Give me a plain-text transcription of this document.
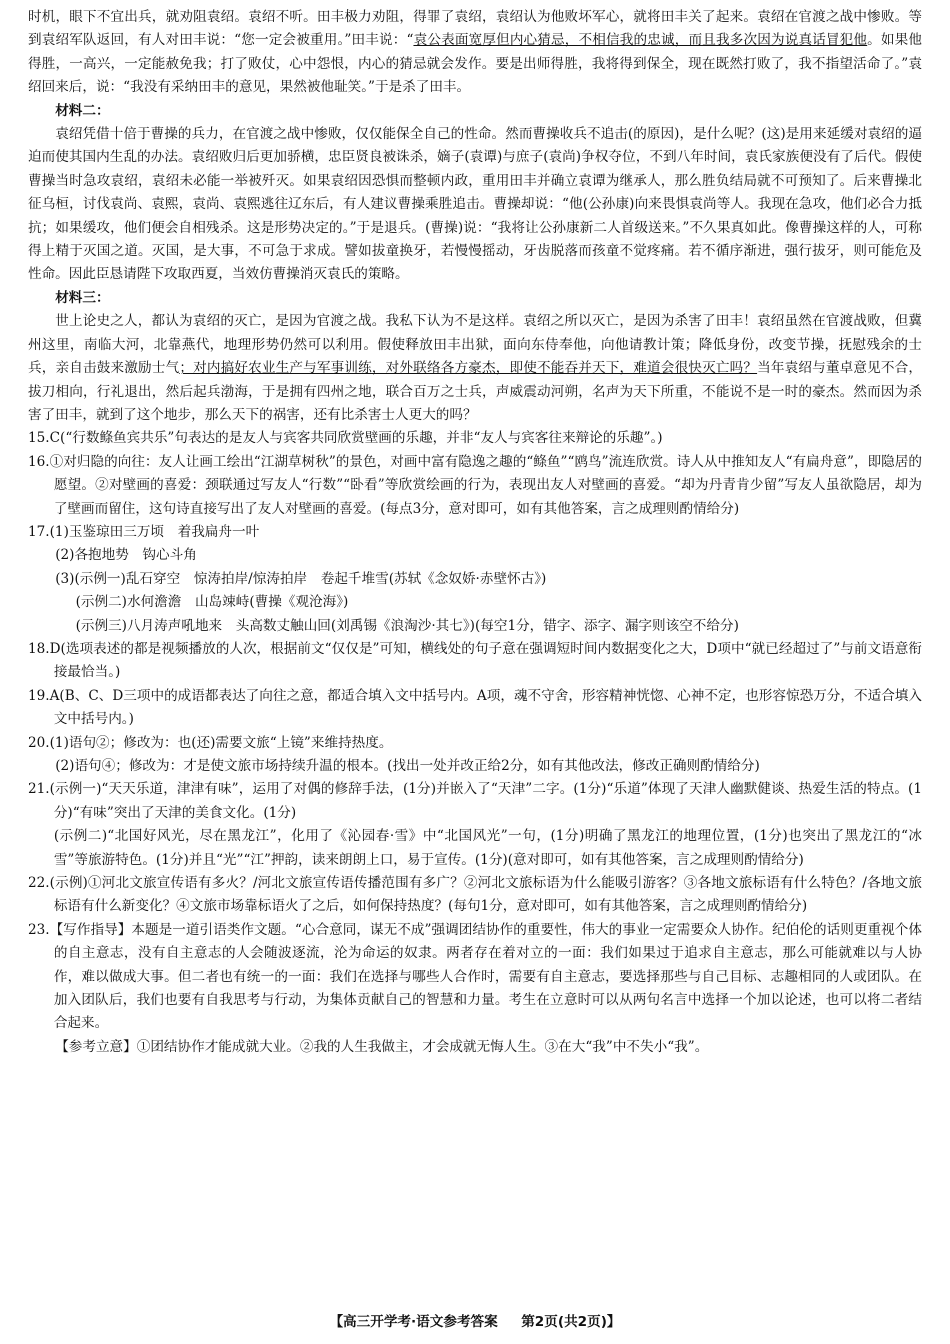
时机，眼下不宜出兵，就劝阻袁绍。袁绍不听。田丰极力劝阻，得罪了袁绍，袁绍认为他败坏军心，就将田丰关了起来。袁绍在官渡之战中惨败。等到袁绍军队返回，有人对田丰说：“您一定会被重用。”田丰说：“袁公表面宽厚但内心猜忌，不相信我的忠诚，而且我多次因为说真话冒犯他。如果他得胜，一高兴，一定能赦免我；打了败仗，心中怨恨，内心的猜忌就会发作。要是出师得胜，我将得到保全，现在既然打败了，我不指望活命了。”袁绍回来后，说：“我没有采纳田丰的意见，果然被他耻笑。”于是杀了田丰。

材料二：

袁绍凭借十倍于曹操的兵力，在官渡之战中惨败，仅仅能保全自己的性命。然而曹操收兵不追击(的原因)，是什么呢？(这)是用来延缓对袁绍的逼迫而使其国内生乱的办法。袁绍败归后更加骄横，忠臣贤良被诛杀，嫡子(袁谭)与庶子(袁尚)争权夺位，不到八年时间，袁氏家族便没有了后代。假使曹操当时急攻袁绍，袁绍未必能一举被歼灭。如果袁绍因恐惧而整顿内政，重用田丰并确立袁谭为继承人，那么胜负结局就不可预知了。后来曹操北征乌桓，讨伐袁尚、袁熙，袁尚、袁熙逃往辽东后，有人建议曹操乘胜追击。曹操却说：“他(公孙康)向来畏惧袁尚等人。我现在急攻，他们必合力抵抗；如果缓攻，他们便会自相残杀。这是形势决定的。”于是退兵。(曹操)说：“我将让公孙康新二人首级送来。”不久果真如此。像曹操这样的人，可称得上精于灭国之道。灭国，是大事，不可急于求成。譬如拔童换牙，若慢慢摇动，牙齿脱落而孩童不觉疼痛。若不循序渐进，强行拔牙，则可能危及性命。因此臣恳请陛下攻取西夏，当效仿曹操消灭袁氏的策略。

材料三：

世上论史之人，都认为袁绍的灭亡，是因为官渡之战。我私下认为不是这样。袁绍之所以灭亡，是因为杀害了田丰！袁绍虽然在官渡战败，但冀州这里，南临大河，北靠燕代，地理形势仍然可以利用。假使释放田丰出狱，面向东侍奉他，向他请教计策；降低身份，改变节操，抚慰残余的士兵，亲自击鼓来激励士气；对内搞好农业生产与军事训练，对外联络各方豪杰，即使不能吞并天下，难道会很快灭亡吗？当年袁绍与董卓意见不合，拔刀相向，行礼退出，然后起兵渤海，于是拥有四州之地，联合百万之士兵，声威震动河朔，名声为天下所重，不能说不是一时的豪杰。然而因为杀害了田丰，就到了这个地步，那么天下的祸害，还有比杀害士人更大的吗？

15.C(“行数鲦鱼宾共乐”句表达的是友人与宾客共同欣赏壁画的乐趣，并非“友人与宾客往来辩论的乐趣”。)

16.①对归隐的向往：友人让画工绘出“江湖草树秋”的景色，对画中富有隐逸之趣的“鲦鱼”“鸥鸟”流连欣赏。诗人从中推知友人“有扁舟意”，即隐居的愿望。②对壁画的喜爱：颈联通过写友人“行数”“卧看”等欣赏绘画的行为，表现出友人对壁画的喜爱。“却为丹青肯少留”写友人虽欲隐居，却为了壁画而留住，这句诗直接写出了友人对壁画的喜爱。(每点3分，意对即可，如有其他答案，言之成理则酌情给分)

17.(1)玉鉴琼田三万顷　着我扁舟一叶

(2)各抱地势　钩心斗角

(3)(示例一)乱石穿空　惊涛拍岸/惊涛拍岸　卷起千堆雪(苏轼《念奴娇·赤壁怀古》)

(示例二)水何澹澹　山岛竦峙(曹操《观沧海》)

(示例三)八月涛声吼地来　头高数丈触山回(刘禹锡《浪淘沙·其七》)(每空1分，错字、添字、漏字则该空不给分)

18.D(选项表述的都是视频播放的人次，根据前文“仅仅是”可知，横线处的句子意在强调短时间内数据变化之大，D项中“就已经超过了”与前文语意衔接最恰当。)

19.A(B、C、D三项中的成语都表达了向往之意，都适合填入文中括号内。A项，魂不守舍，形容精神恍惚、心神不定，也形容惊恐万分，不适合填入文中括号内。)

20.(1)语句②；修改为：也(还)需要文旅“上镜”来维持热度。

(2)语句④；修改为：才是使文旅市场持续升温的根本。(找出一处并改正给2分，如有其他改法，修改正确则酌情给分)

21.(示例一)“天天乐道，津津有味”，运用了对偶的修辞手法，(1分)并嵌入了“天津”二字。(1分)“乐道”体现了天津人幽默健谈、热爱生活的特点。(1分)“有味”突出了天津的美食文化。(1分)

(示例二)“北国好风光，尽在黑龙江”，化用了《沁园春·雪》中“北国风光”一句，(1分)明确了黑龙江的地理位置，(1分)也突出了黑龙江的“冰雪”等旅游特色。(1分)并且“光”“江”押韵，读来朗朗上口，易于宣传。(1分)(意对即可，如有其他答案，言之成理则酌情给分)

22.(示例)①河北文旅宣传语有多火？/河北文旅宣传语传播范围有多广？②河北文旅标语为什么能吸引游客？③各地文旅标语有什么特色？/各地文旅标语有什么新变化？④文旅市场靠标语火了之后，如何保持热度？(每句1分，意对即可，如有其他答案，言之成理则酌情给分)

23.【写作指导】本题是一道引语类作文题。“心合意同，谋无不成”强调团结协作的重要性，伟大的事业一定需要众人协作。纪伯伦的话则更重视个体的自主意志，没有自主意志的人会随波逐流，沦为命运的奴隶。两者存在着对立的一面：我们如果过于追求自主意志，那么可能就难以与人协作，难以做成大事。但二者也有统一的一面：我们在选择与哪些人合作时，需要有自主意志，要选择那些与自己目标、志趣相同的人或团队。在加入团队后，我们也要有自我思考与行动，为集体贡献自己的智慧和力量。考生在立意时可以从两句名言中选择一个加以论述，也可以将二者结合起来。

【参考立意】①团结协作才能成就大业。②我的人生我做主，才会成就无悔人生。③在大“我”中不失小“我”。

【高三开学考·语文参考答案 第2页(共2页)】
